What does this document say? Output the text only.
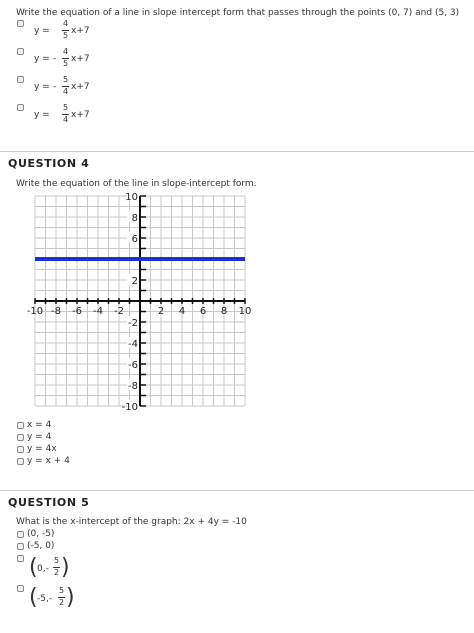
Write the equation of a line in slope intercept form that passes through the points (0, 7) and (5, 3)
y =
4
5 x+7
y = -
4
5 x+7
y = -
5
4 x+7
y =
5
4 x+7
QUESTION 4
Write the equation of the line in slope-intercept form.
-10 -8 -6 -4 -2	2 4 6 8 10
10
8
6
2
-2
-4
-6
-8
-10
x = 4
y = 4
y = 4x
y = x + 4
QUESTION 5
What is the x-intercept of the graph: 2x + 4y = -10
(0, -5)
(-5, 0)
( 0,-
5
2 )
( -5,-
5
2 )
